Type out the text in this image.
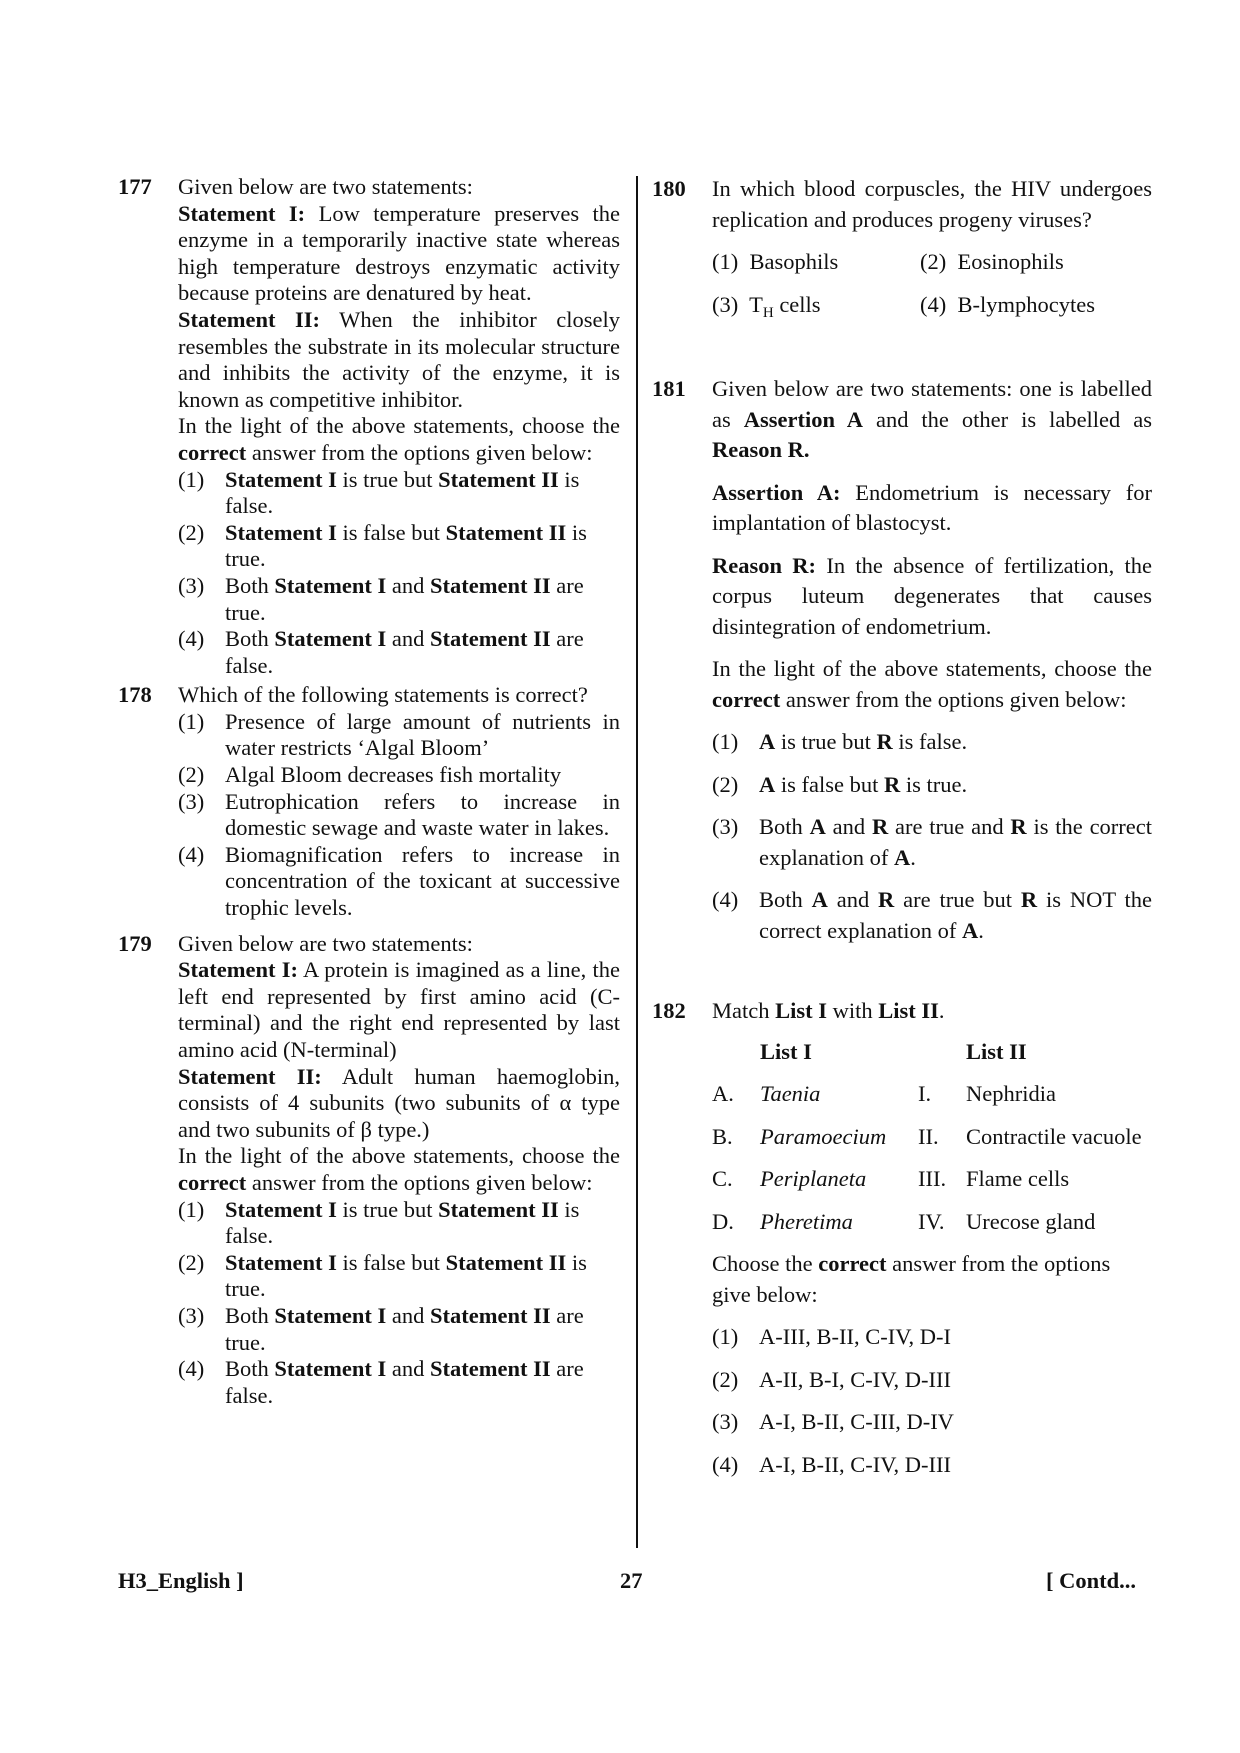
177 Given below are two statements:
Statement I: Low temperature preserves the enzyme in a temporarily inactive state whereas high temperature destroys enzymatic activity because proteins are denatured by heat.
Statement II: When the inhibitor closely resembles the substrate in its molecular structure and inhibits the activity of the enzyme, it is known as competitive inhibitor.
In the light of the above statements, choose the correct answer from the options given below:
(1) Statement I is true but Statement II is false.
(2) Statement I is false but Statement II is true.
(3) Both Statement I and Statement II are true.
(4) Both Statement I and Statement II are false.
178 Which of the following statements is correct?
(1) Presence of large amount of nutrients in water restricts ‘Algal Bloom’
(2) Algal Bloom decreases fish mortality
(3) Eutrophication refers to increase in domestic sewage and waste water in lakes.
(4) Biomagnification refers to increase in concentration of the toxicant at successive trophic levels.
179 Given below are two statements:
Statement I: A protein is imagined as a line, the left end represented by first amino acid (C-terminal) and the right end represented by last amino acid (N-terminal)
Statement II: Adult human haemoglobin, consists of 4 subunits (two subunits of α type and two subunits of β type.)
In the light of the above statements, choose the correct answer from the options given below:
(1) Statement I is true but Statement II is false.
(2) Statement I is false but Statement II is true.
(3) Both Statement I and Statement II are true.
(4) Both Statement I and Statement II are false.
180 In which blood corpuscles, the HIV undergoes replication and produces progeny viruses?
(1) Basophils	(2) Eosinophils
(3) $T_H$ cells	(4) B-lymphocytes
181 Given below are two statements: one is labelled as Assertion A and the other is labelled as Reason R.
Assertion A: Endometrium is necessary for implantation of blastocyst.
Reason R: In the absence of fertilization, the corpus luteum degenerates that causes disintegration of endometrium.
In the light of the above statements, choose the correct answer from the options given below:
(1) A is true but R is false.
(2) A is false but R is true.
(3) Both A and R are true and R is the correct explanation of A.
(4) Both A and R are true but R is NOT the correct explanation of A.
182 Match List I with List II.
List I	List II
A.	Taenia	I.	Nephridia
B.	Paramoecium	II.	Contractile vacuole
C.	Periplaneta	III. Flame cells
D.	Pheretima	IV. Urecose gland
Choose the correct answer from the options give below:
(1) A-III, B-II, C-IV, D-I
(2) A-II, B-I, C-IV, D-III
(3) A-I, B-II, C-III, D-IV
(4) A-I, B-II, C-IV, D-III
H3_English ]	27	[ Contd...
